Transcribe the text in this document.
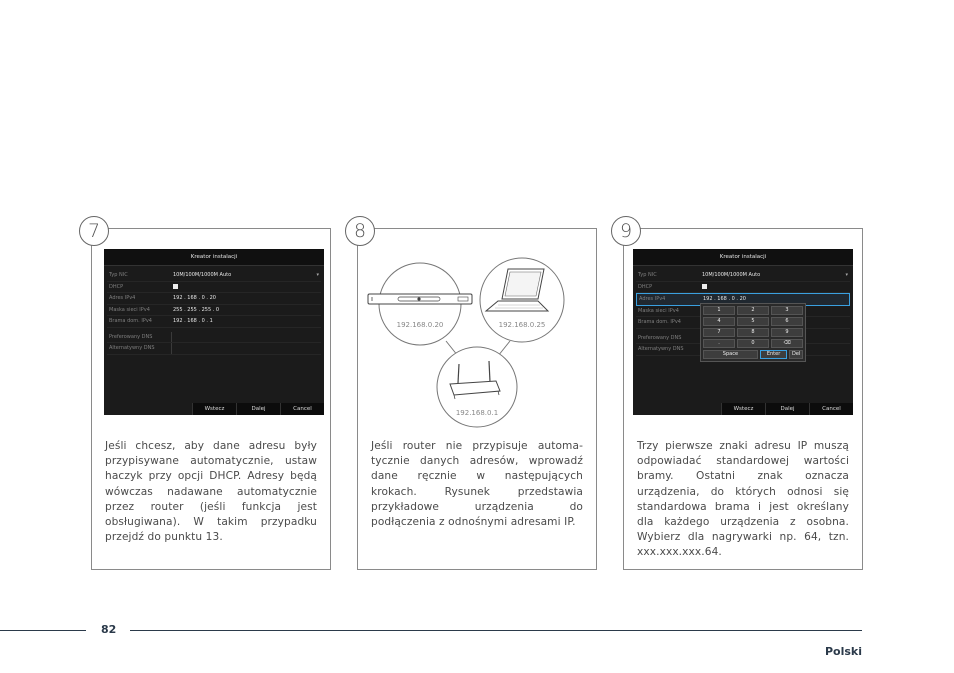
7
Kreator instalacji
Typ NIC	10M/100M/1000M Auto	▾
DHCP
Adres IPv4	192 . 168 . 0 . 20
Maska sieci IPv4	255 . 255 . 255 . 0
Brama dom. IPv4	192 . 168 . 0 . 1
Preferowany DNS
Alternatywny DNS
Wstecz	Dalej	Cancel
Jeśli chcesz, aby dane adresu były przypisywane automatycznie, ustaw haczyk przy opcji DHCP. Adresy będą wówczas nadawane automatycznie przez router (jeśli funkcja jest obsługiwana). W takim przypadku przejdź do punktu 13.
8
192.168.0.20	192.168.0.25
192.168.0.1
Jeśli router nie przypisuje automa-tycznie danych adresów, wprowadź dane ręcznie w następujących krokach. Rysunek przedstawia przykładowe urządzenia do podłączenia z odnośnymi adresami IP.
9
Kreator instalacji
Typ NIC	10M/100M/1000M Auto	▾
DHCP
Adres IPv4	192 . 168 . 0 . 20
Maska sieci IPv4
Brama dom. IPv4
Preferowany DNS
Alternatywny DNS
1	2	3
4	5	6
7	8	9
.	0	⌫
Space	Enter	Del
Wstecz	Dalej	Cancel
Trzy pierwsze znaki adresu IP muszą odpowiadać standardowej wartości bramy. Ostatni znak oznacza urządzenia, do których odnosi się standardowa brama i jest określany dla każdego urządzenia z osobna. Wybierz dla nagrywarki np. 64, tzn. xxx.xxx.xxx.64.
82
Polski
